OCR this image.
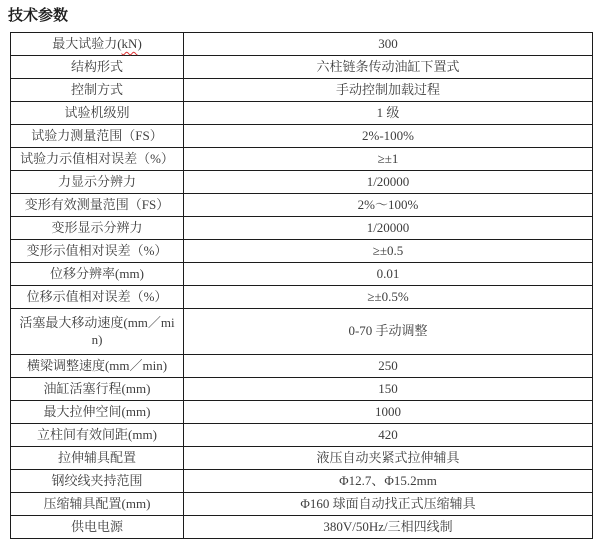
技术参数
最大试验力(kN)	300
结构形式	六柱链条传动油缸下置式
控制方式	手动控制加载过程
试验机级别	1 级
试验力测量范围（FS）	2%-100%
试验力示值相对误差（%）	≥±1
力显示分辨力	1/20000
变形有效测量范围（FS）	2%～100%
变形显示分辨力	1/20000
变形示值相对误差（%）	≥±0.5
位移分辨率(mm)	0.01
位移示值相对误差（%）	≥±0.5%
活塞最大移动速度(mm／min)	0-70 手动调整
横梁调整速度(mm／min)	250
油缸活塞行程(mm)	150
最大拉伸空间(mm)	1000
立柱间有效间距(mm)	420
拉伸辅具配置	液压自动夹紧式拉伸辅具
钢绞线夹持范围	Φ12.7、Φ15.2mm
压缩辅具配置(mm)	Φ160 球面自动找正式压缩辅具
供电电源	380V/50Hz/三相四线制
